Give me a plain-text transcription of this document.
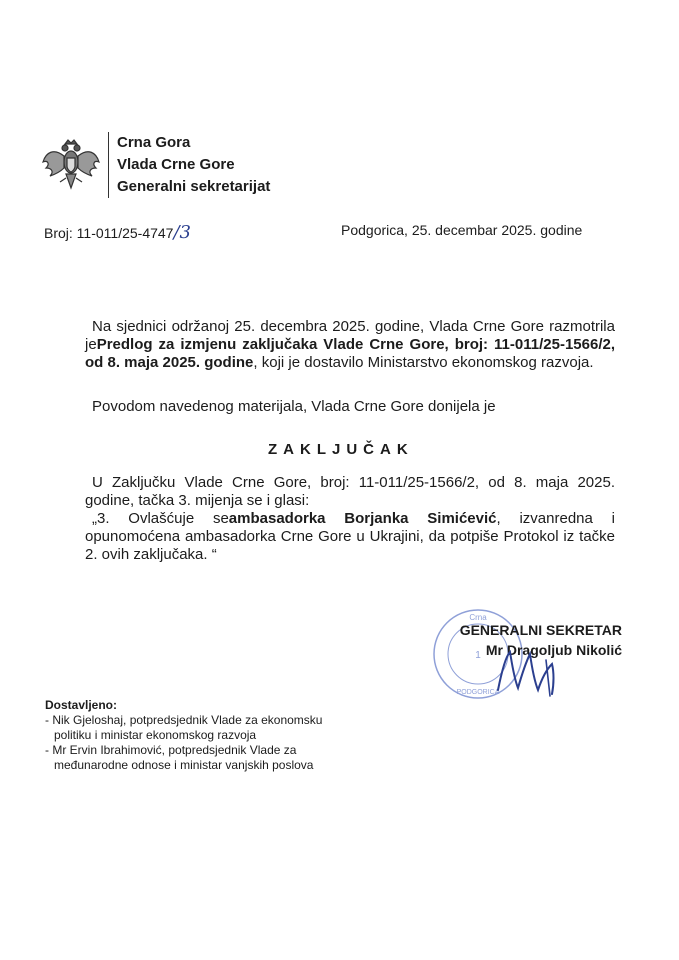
Crna Gora
Vlada Crne Gore
Generalni sekretarijat
Broj: 11-011/25-4747/3	Podgorica, 25. decembar 2025. godine
Na sjednici održanoj 25. decembra 2025. godine, Vlada Crne Gore razmotrila jePredlog za izmjenu zaključaka Vlade Crne Gore, broj: 11-011/25-1566/2, od 8. maja 2025. godine, koji je dostavilo Ministarstvo ekonomskog razvoja.
Povodom navedenog materijala, Vlada Crne Gore donijela je
ZAKLJUČAK
U Zaključku Vlade Crne Gore, broj: 11-011/25-1566/2, od 8. maja 2025. godine, tačka 3. mijenja se i glasi:
„3. Ovlašćuje seambasadorka Borjanka Simićević, izvanredna i opunomoćena ambasadorka Crne Gore u Ukrajini, da potpiše Protokol iz tačke 2. ovih zaključaka. “
Crna
1
PODGORICA
GENERALNI SEKRETAR
Mr Dragoljub Nikolić
Dostavljeno:
- Nik Gjeloshaj, potpredsjednik Vlade za ekonomsku
politiku i ministar ekonomskog razvoja
- Mr Ervin Ibrahimović, potpredsjednik Vlade za
međunarodne odnose i ministar vanjskih poslova
